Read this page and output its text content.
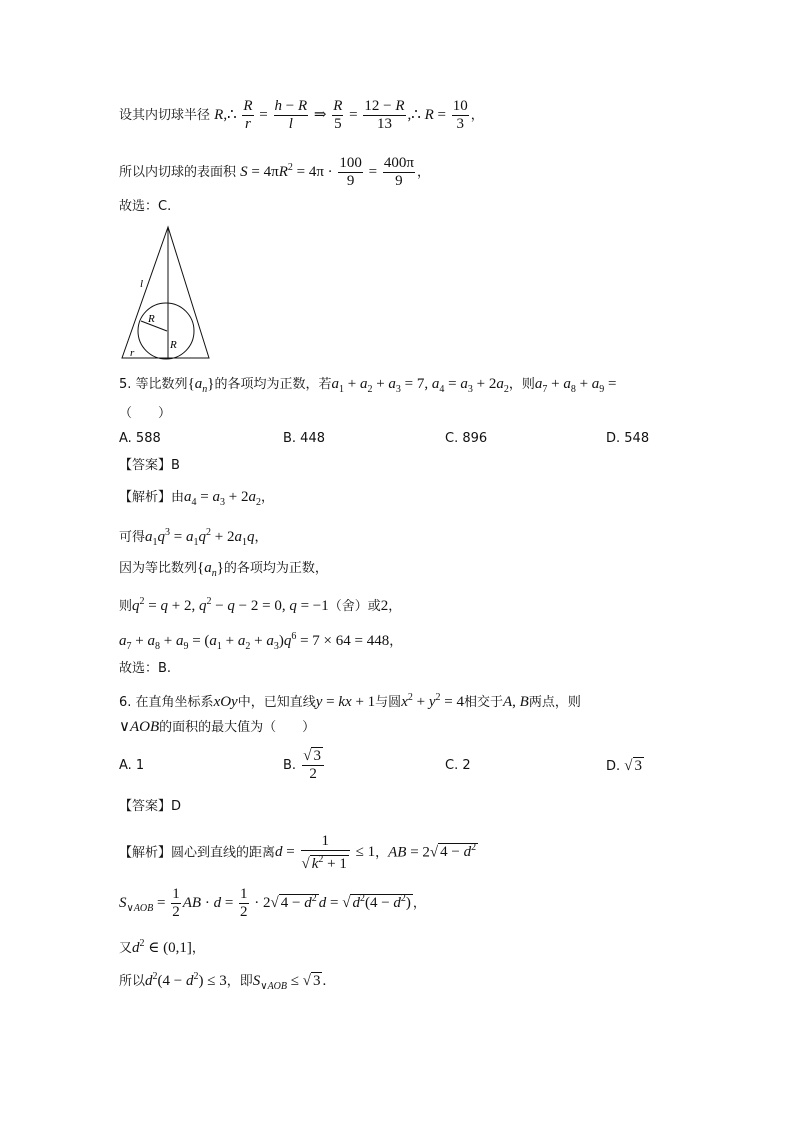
设其内切球半径 R,∴ $\frac{R}{r} = \frac{h - R}{l}$ ⇒ $\frac{R}{5} = \frac{12 - R}{13}$ ,∴ $R = \frac{10}{3}$ ，
所以内切球的表面积 $S = 4\pi R^2 = 4\pi \cdot \frac{100}{9} = \frac{400\pi}{9}$ ，
故选：C.
l
R
R
r
5. 等比数列$\{a_n\}$的各项均为正数，若$a_1 + a_2 + a_3 = 7$, $a_4 = a_3 + 2a_2$，则$a_7 + a_8 + a_9$ =
（　　）
A. 588	B. 448	C. 896	D. 548
【答案】B
【解析】由$a_4 = a_3 + 2a_2$，
可得$a_1q^3 = a_1q^2 + 2a_1q$，
因为等比数列$\{a_n\}$的各项均为正数，
则$q^2 = q + 2$, $q^2 - q - 2 = 0$, q = −1（舍）或2，
$a_7 + a_8 + a_9 = (a_1 + a_2 + a_3)q^6 = 7 \times 64 = 448$，
故选：B.
6. 在直角坐标系xOy中，已知直线y = kx + 1与圆$x^2 + y^2 = 4$相交于A, B两点，则
∨AOB的面积的最大值为（　　）
A. 1	B. $\frac{√ 3}{2}$	C. 2	D. √ 3
【答案】D
【解析】圆心到直线的距离$d = \frac{1}{√ k^2 + 1} \le 1$，AB = 2√ $4 - d^2$
$S_{\vee AOB} = \frac{1}{2}$ AB · $d = \frac{1}{2} \cdot 2√$ $4 - d^2$ d = √ $d^2(4 - d^2)$ ，
又$d^2$ ∈ (0,1]，
所以$d^2(4 - d^2) \le 3$，即$S_{\vee AOB}$ ≤ √ 3 .
